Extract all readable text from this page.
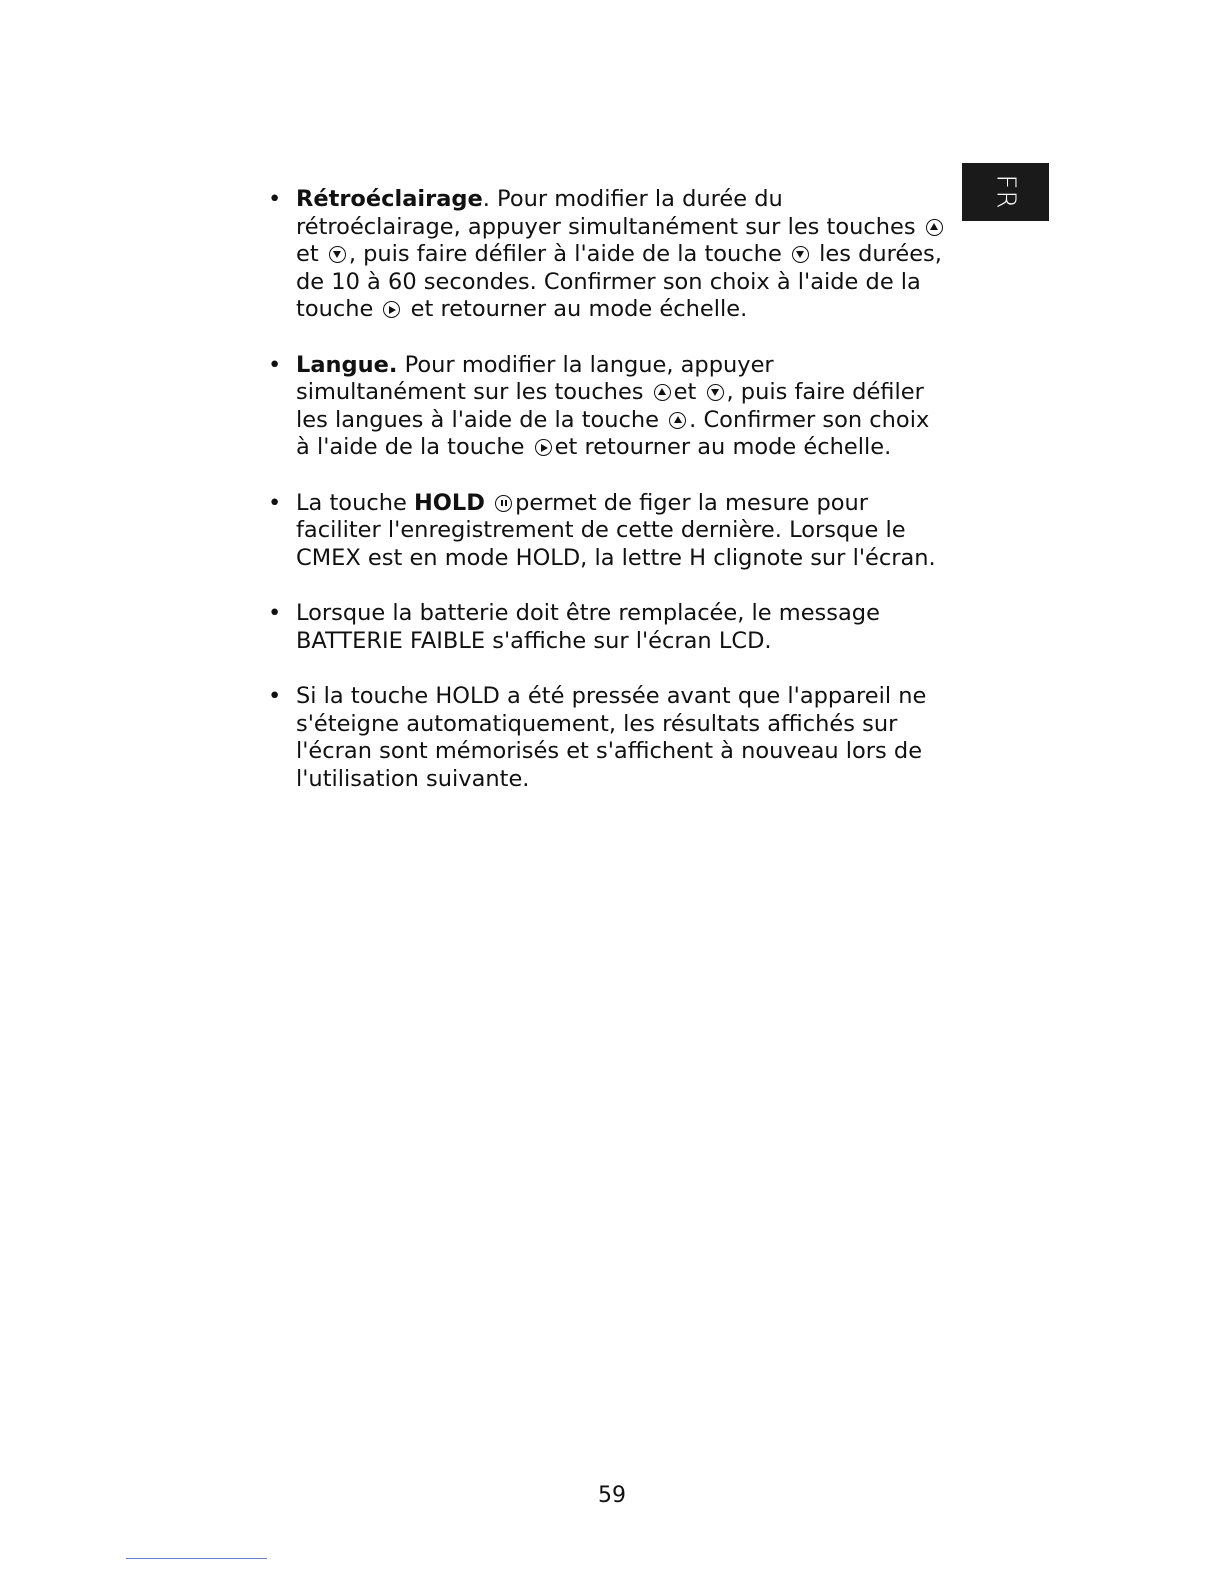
FR
• Rétroéclairage. Pour modifier la durée du rétroéclairage, appuyer simultanément sur les touches  et , puis faire défiler à l'aide de la touche les durées, de 10 à 60 secondes. Confirmer son choix à l'aide de la touche et retourner au mode échelle.
• Langue. Pour modifier la langue, appuyer simultanément sur les touches et , puis faire défiler les langues à l'aide de la touche . Confirmer son choix à l'aide de la touche et retourner au mode échelle.
• La touche HOLD permet de figer la mesure pour faciliter l'enregistrement de cette dernière. Lorsque le CMEX est en mode HOLD, la lettre H clignote sur l'écran.
• Lorsque la batterie doit être remplacée, le message BATTERIE FAIBLE s'affiche sur l'écran LCD.
• Si la touche HOLD a été pressée avant que l'appareil ne s'éteigne automatiquement, les résultats affichés sur l'écran sont mémorisés et s'affichent à nouveau lors de l'utilisation suivante.
59
